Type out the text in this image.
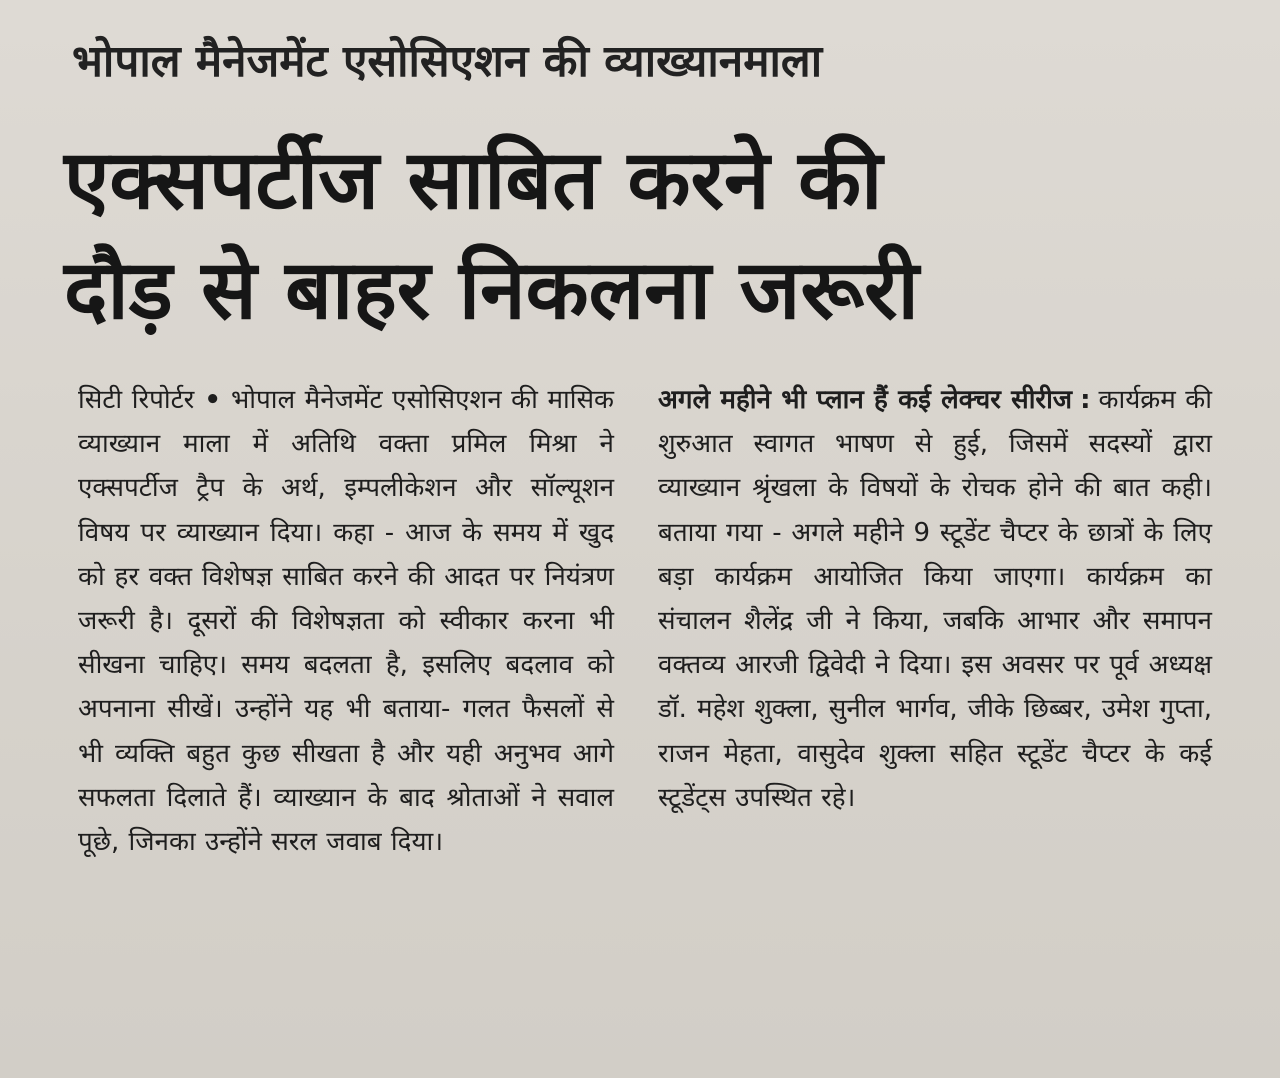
भोपाल मैनेजमेंट एसोसिएशन की व्याख्यानमाला
एक्सपर्टीज साबित करने की
दौड़ से बाहर निकलना जरूरी
सिटी रिपोर्टर • भोपाल मैनेजमेंट एसोसिएशन की मासिक व्याख्यान माला में अतिथि वक्ता प्रमिल मिश्रा ने एक्सपर्टीज ट्रैप के अर्थ, इम्पलीकेशन और सॉल्यूशन विषय पर व्याख्यान दिया। कहा - आज के समय में खुद को हर वक्त विशेषज्ञ साबित करने की आदत पर नियंत्रण जरूरी है। दूसरों की विशेषज्ञता को स्वीकार करना भी सीखना चाहिए। समय बदलता है, इसलिए बदलाव को अपनाना सीखें। उन्होंने यह भी बताया- गलत फैसलों से भी व्यक्ति बहुत कुछ सीखता है और यही अनुभव आगे सफलता दिलाते हैं। व्याख्यान के बाद श्रोताओं ने सवाल पूछे, जिनका उन्होंने सरल जवाब दिया।
अगले महीने भी प्लान हैं कई लेक्चर सीरीज : कार्यक्रम की शुरुआत स्वागत भाषण से हुई, जिसमें सदस्यों द्वारा व्याख्यान श्रृंखला के विषयों के रोचक होने की बात कही। बताया गया - अगले महीने 9 स्टूडेंट चैप्टर के छात्रों के लिए बड़ा कार्यक्रम आयोजित किया जाएगा। कार्यक्रम का संचालन शैलेंद्र जी ने किया, जबकि आभार और समापन वक्तव्य आरजी द्विवेदी ने दिया। इस अवसर पर पूर्व अध्यक्ष डॉ. महेश शुक्ला, सुनील भार्गव, जीके छिब्बर, उमेश गुप्ता, राजन मेहता, वासुदेव शुक्ला सहित स्टूडेंट चैप्टर के कई स्टूडेंट्स उपस्थित रहे।
